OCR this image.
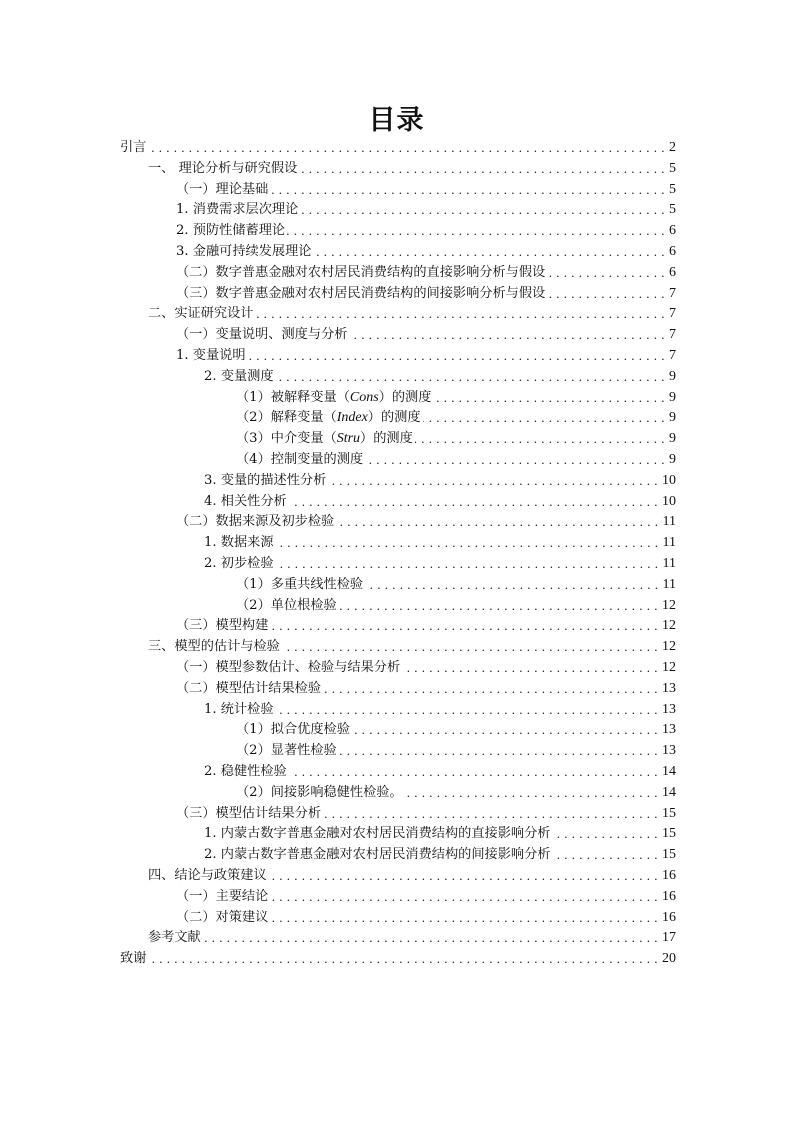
目录
引言 . . .	2
一、 理论分析与研究假设 . . .	5
（一）理论基础 . . .	5
1. 消费需求层次理论 . . .	5
2. 预防性储蓄理论 . . .	6
3. 金融可持续发展理论 . . .	6
（二）数字普惠金融对农村居民消费结构的直接影响分析与假设 . . .	6
（三）数字普惠金融对农村居民消费结构的间接影响分析与假设 . . .	7
二、实证研究设计 . . .	7
（一）变量说明、测度与分析 . . .	7
1. 变量说明 . . .	7
2. 变量测度 . . .	9
（1）被解释变量（Cons）的测度 . . .	9
（2）解释变量（Index）的测度 . . .	9
（3）中介变量（Stru）的测度 . . .	9
（4）控制变量的测度 . . .	9
3. 变量的描述性分析 . . .	10
4. 相关性分析 . . .	10
（二）数据来源及初步检验 . . .	11
1. 数据来源 . . .	11
2. 初步检验 . . .	11
（1）多重共线性检验 . . .	11
（2）单位根检验 . . .	12
（三）模型构建 . . .	12
三、模型的估计与检验 . . .	12
（一）模型参数估计、检验与结果分析 . . .	12
（二）模型估计结果检验 . . .	13
1. 统计检验 . . .	13
（1）拟合优度检验 . . .	13
（2）显著性检验 . . .	13
2. 稳健性检验 . . .	14
（2）间接影响稳健性检验。 . . .	14
（三）模型估计结果分析 . . .	15
1. 内蒙古数字普惠金融对农村居民消费结构的直接影响分析 . . .	15
2. 内蒙古数字普惠金融对农村居民消费结构的间接影响分析 . . .	15
四、结论与政策建议 . . .	16
（一）主要结论 . . .	16
（二）对策建议 . . .	16
参考文献 . . .	17
致谢 . . .	20
